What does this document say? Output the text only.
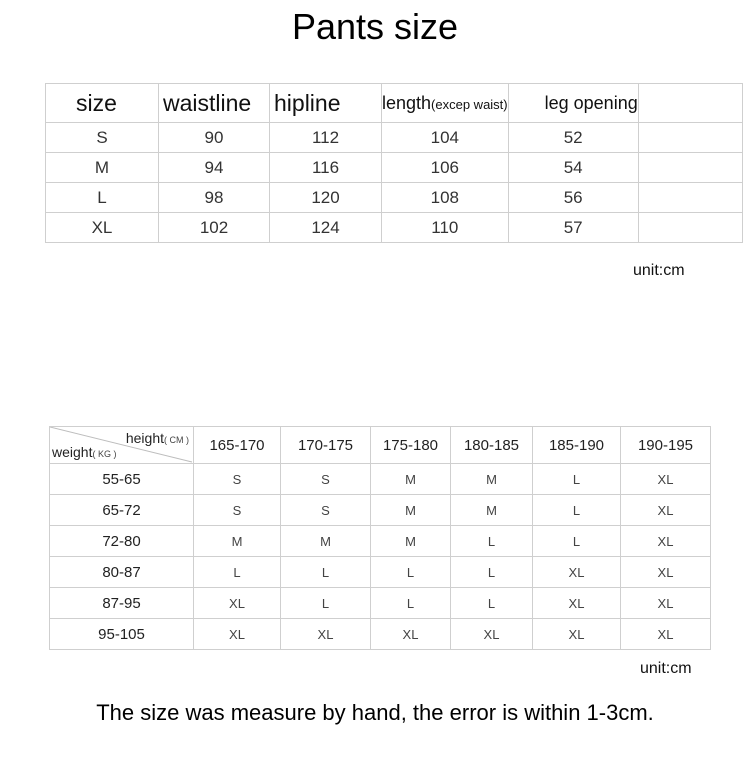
Pants size
size	waistline	hipline	length(excep waist)	leg opening	
S	90	112	104	52	
M	94	116	106	54	
L	98	120	108	56	
XL	102	124	110	57	
unit:cm
height( CM )
weight( KG )	165-170	170-175	175-180	180-185	185-190	190-195
55-65	S	S	M	M	L	XL
65-72	S	S	M	M	L	XL
72-80	M	M	M	L	L	XL
80-87	L	L	L	L	XL	XL
87-95	XL	L	L	L	XL	XL
95-105	XL	XL	XL	XL	XL	XL
unit:cm
The size was measure by hand, the error is within 1-3cm.
